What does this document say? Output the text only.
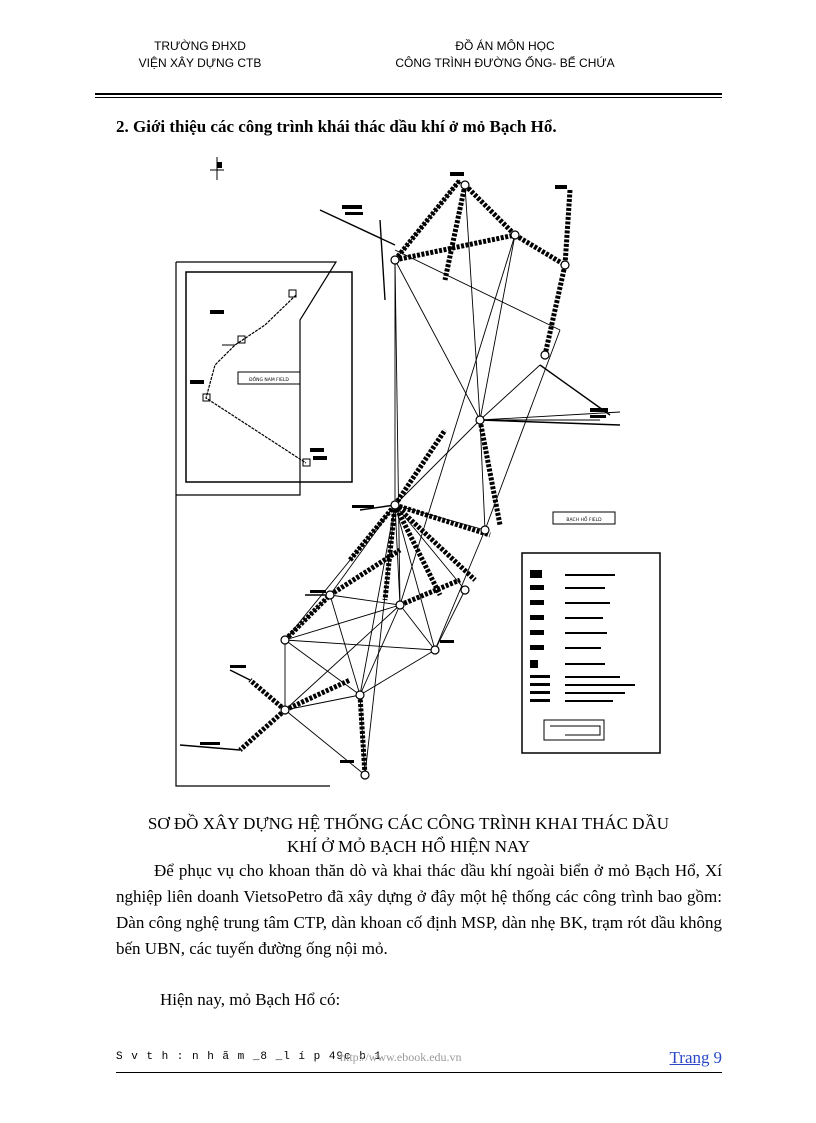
TRƯỜNG ĐHXD
VIỆN XÂY DỰNG CTB
ĐỒ ÁN MÔN HỌC
CÔNG TRÌNH ĐƯỜNG ỐNG- BỂ CHỨA
2. Giới thiệu các công trình khái thác dầu khí ở mỏ Bạch Hổ.
ĐỒNG NAM FIELD
BẠCH HỔ FIELD
SƠ ĐỒ XÂY DỰNG HỆ THỐNG CÁC CÔNG TRÌNH KHAI THÁC DẦU
KHÍ Ở MỎ BẠCH HỔ HIỆN NAY
Để phục vụ cho khoan thăn dò và khai thác dầu khí ngoài biển ở mỏ Bạch Hổ, Xí nghiệp liên doanh VietsoPetro đã xây dựng ở đây một hệ thống các công trình bao gồm: Dàn công nghệ trung tâm CTP, dàn khoan cố định MSP, dàn nhẹ BK, trạm rót dầu không bến UBN, các tuyến đường ống nội mỏ.
Hiện nay, mỏ Bạch Hổ có:
S v t h : n h ã m _8 _l í p 49c b 1
http://www.ebook.edu.vn	Trang 9
